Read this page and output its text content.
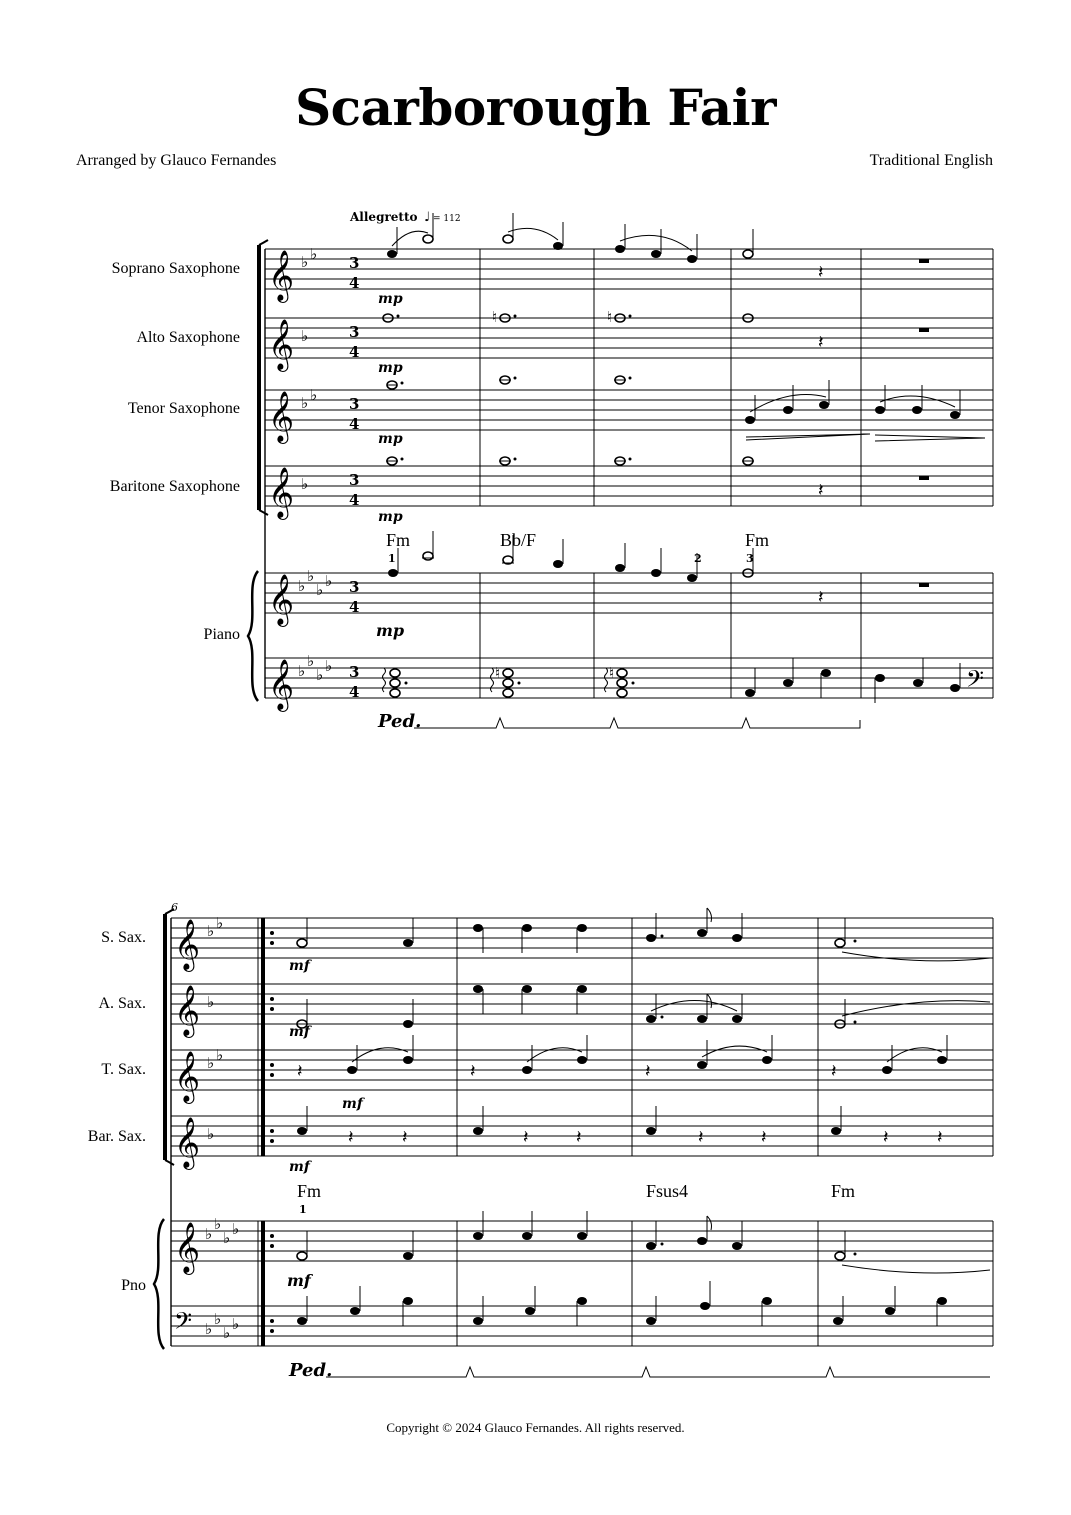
Scarborough Fair
Arranged by Glauco Fernandes	Traditional English
Copyright © 2024 Glauco Fernandes. All rights reserved.
Allegretto ♩ = 112
Soprano Saxophone
Alto Saxophone
Tenor Saxophone
Baritone Saxophone
Piano
𝄞
𝄞
𝄞
𝄞
𝄞
𝄞
♭ ♭
♭
♭ ♭
♭
♭
♭
♭ ♭
♭
♭
♭ ♭
3
4
3
4
3
4
3
4
3
4
3
4
𝄽
mp
♮	♮
𝄽
mp
mp
𝄽
mp
Fm	Bb/F	Fm
1	2	3
𝄽
mp
♮	♮	𝄢
Ped.
6
S. Sax.
A. Sax.
T. Sax.
Bar. Sax.
Pno
𝄞
𝄞
𝄞
𝄞
𝄞
𝄢
♭ ♭
♭
♭ ♭
♭
♭
♭
♭ ♭
♭
♭
♭ ♭
mf
mf
𝄽	𝄽	𝄽	𝄽
mf
𝄽	𝄽	𝄽	𝄽	𝄽	𝄽	𝄽	𝄽
mf
Fm	Fsus4	Fm
1
mf
Ped.
